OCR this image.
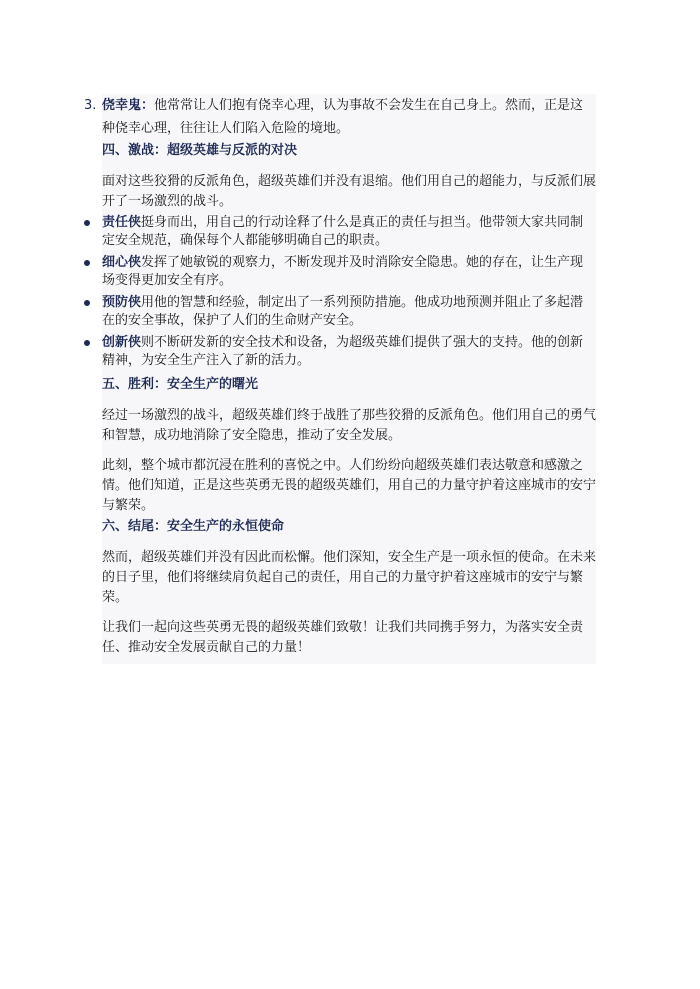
3. 侥幸鬼：他常常让人们抱有侥幸心理，认为事故不会发生在自己身上。然而，正是这种侥幸心理，往往让人们陷入危险的境地。
四、激战：超级英雄与反派的对决

面对这些狡猾的反派角色，超级英雄们并没有退缩。他们用自己的超能力，与反派们展开了一场激烈的战斗。

责任侠挺身而出，用自己的行动诠释了什么是真正的责任与担当。他带领大家共同制定安全规范，确保每个人都能够明确自己的职责。
细心侠发挥了她敏锐的观察力，不断发现并及时消除安全隐患。她的存在，让生产现场变得更加安全有序。
预防侠用他的智慧和经验，制定出了一系列预防措施。他成功地预测并阻止了多起潜在的安全事故，保护了人们的生命财产安全。
创新侠则不断研发新的安全技术和设备，为超级英雄们提供了强大的支持。他的创新精神，为安全生产注入了新的活力。
五、胜利：安全生产的曙光

经过一场激烈的战斗，超级英雄们终于战胜了那些狡猾的反派角色。他们用自己的勇气和智慧，成功地消除了安全隐患，推动了安全发展。

此刻，整个城市都沉浸在胜利的喜悦之中。人们纷纷向超级英雄们表达敬意和感激之情。他们知道，正是这些英勇无畏的超级英雄们，用自己的力量守护着这座城市的安宁与繁荣。

六、结尾：安全生产的永恒使命

然而，超级英雄们并没有因此而松懈。他们深知，安全生产是一项永恒的使命。在未来的日子里，他们将继续肩负起自己的责任，用自己的力量守护着这座城市的安宁与繁荣。

让我们一起向这些英勇无畏的超级英雄们致敬！让我们共同携手努力，为落实安全责任、推动安全发展贡献自己的力量！
